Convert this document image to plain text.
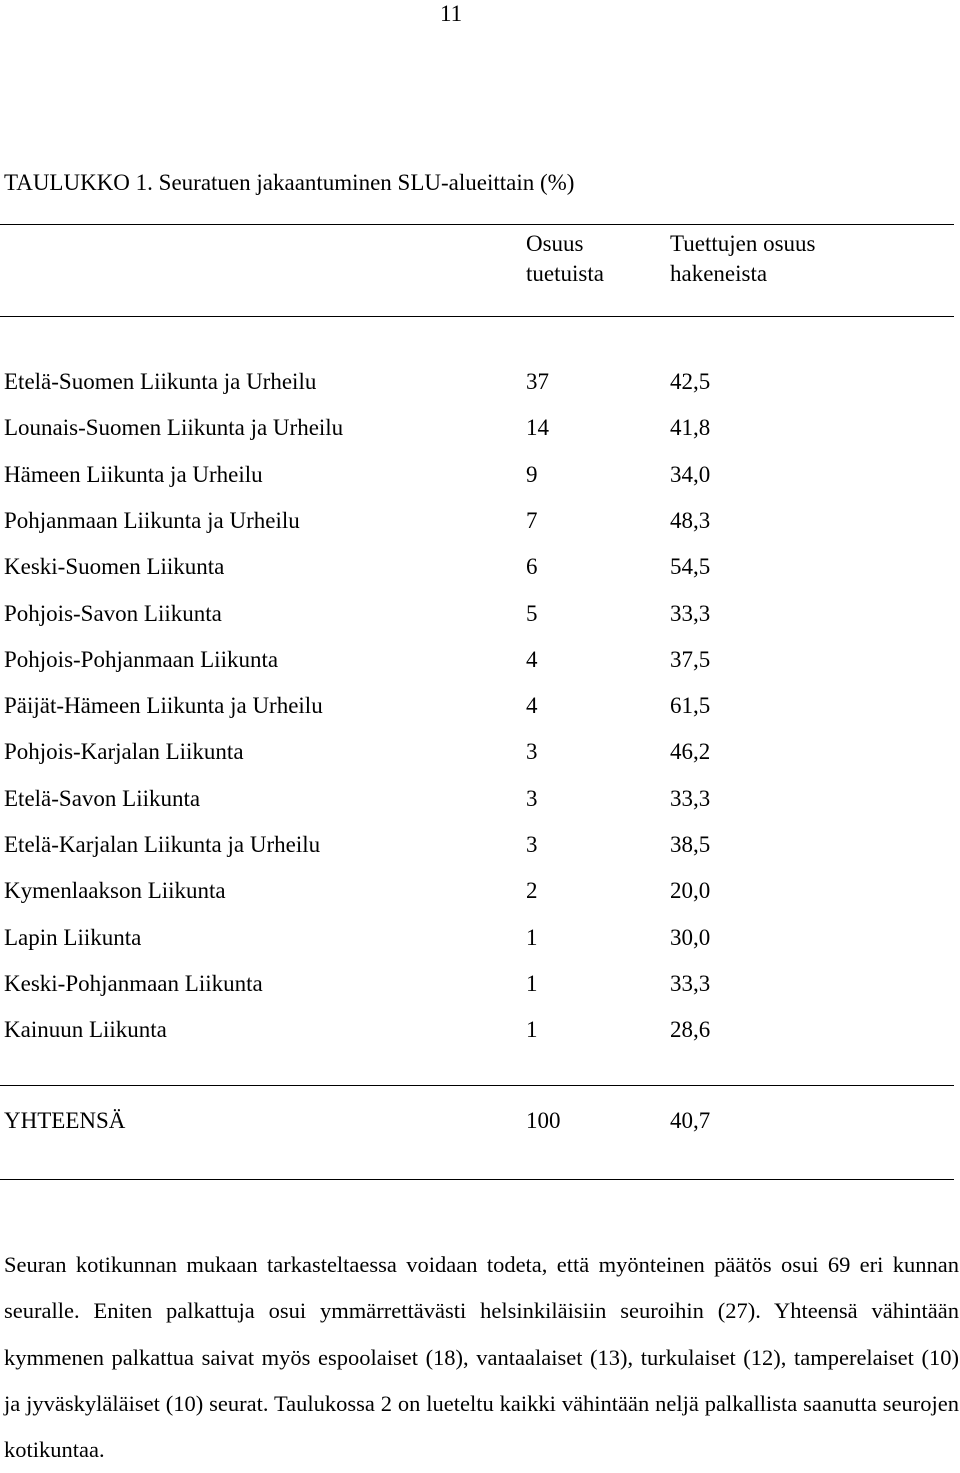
11
TAULUKKO 1. Seuratuen jakaantuminen SLU-alueittain (%)
Osuus
tuetuista
Tuettujen osuus
hakeneista
Etelä-Suomen Liikunta ja Urheilu	37	42,5
Lounais-Suomen Liikunta ja Urheilu	14	41,8
Hämeen Liikunta ja Urheilu	9	34,0
Pohjanmaan Liikunta ja Urheilu	7	48,3
Keski-Suomen Liikunta	6	54,5
Pohjois-Savon Liikunta	5	33,3
Pohjois-Pohjanmaan Liikunta	4	37,5
Päijät-Hämeen Liikunta ja Urheilu	4	61,5
Pohjois-Karjalan Liikunta	3	46,2
Etelä-Savon Liikunta	3	33,3
Etelä-Karjalan Liikunta ja Urheilu	3	38,5
Kymenlaakson Liikunta	2	20,0
Lapin Liikunta	1	30,0
Keski-Pohjanmaan Liikunta	1	33,3
Kainuun Liikunta	1	28,6
YHTEENSÄ	100	40,7

Seuran kotikunnan mukaan tarkasteltaessa voidaan todeta, että myönteinen päätös osui 69 eri kunnan seuralle. Eniten palkattuja osui ymmärrettävästi helsinkiläisiin seuroihin (27). Yhteensä vähintään kymmenen palkattua saivat myös espoolaiset (18), vantaalaiset (13), turkulaiset (12), tamperelaiset (10) ja jyväskyläläiset (10) seurat. Taulukossa 2 on lueteltu kaikki vähintään neljä palkallista saanutta seurojen kotikuntaa.
